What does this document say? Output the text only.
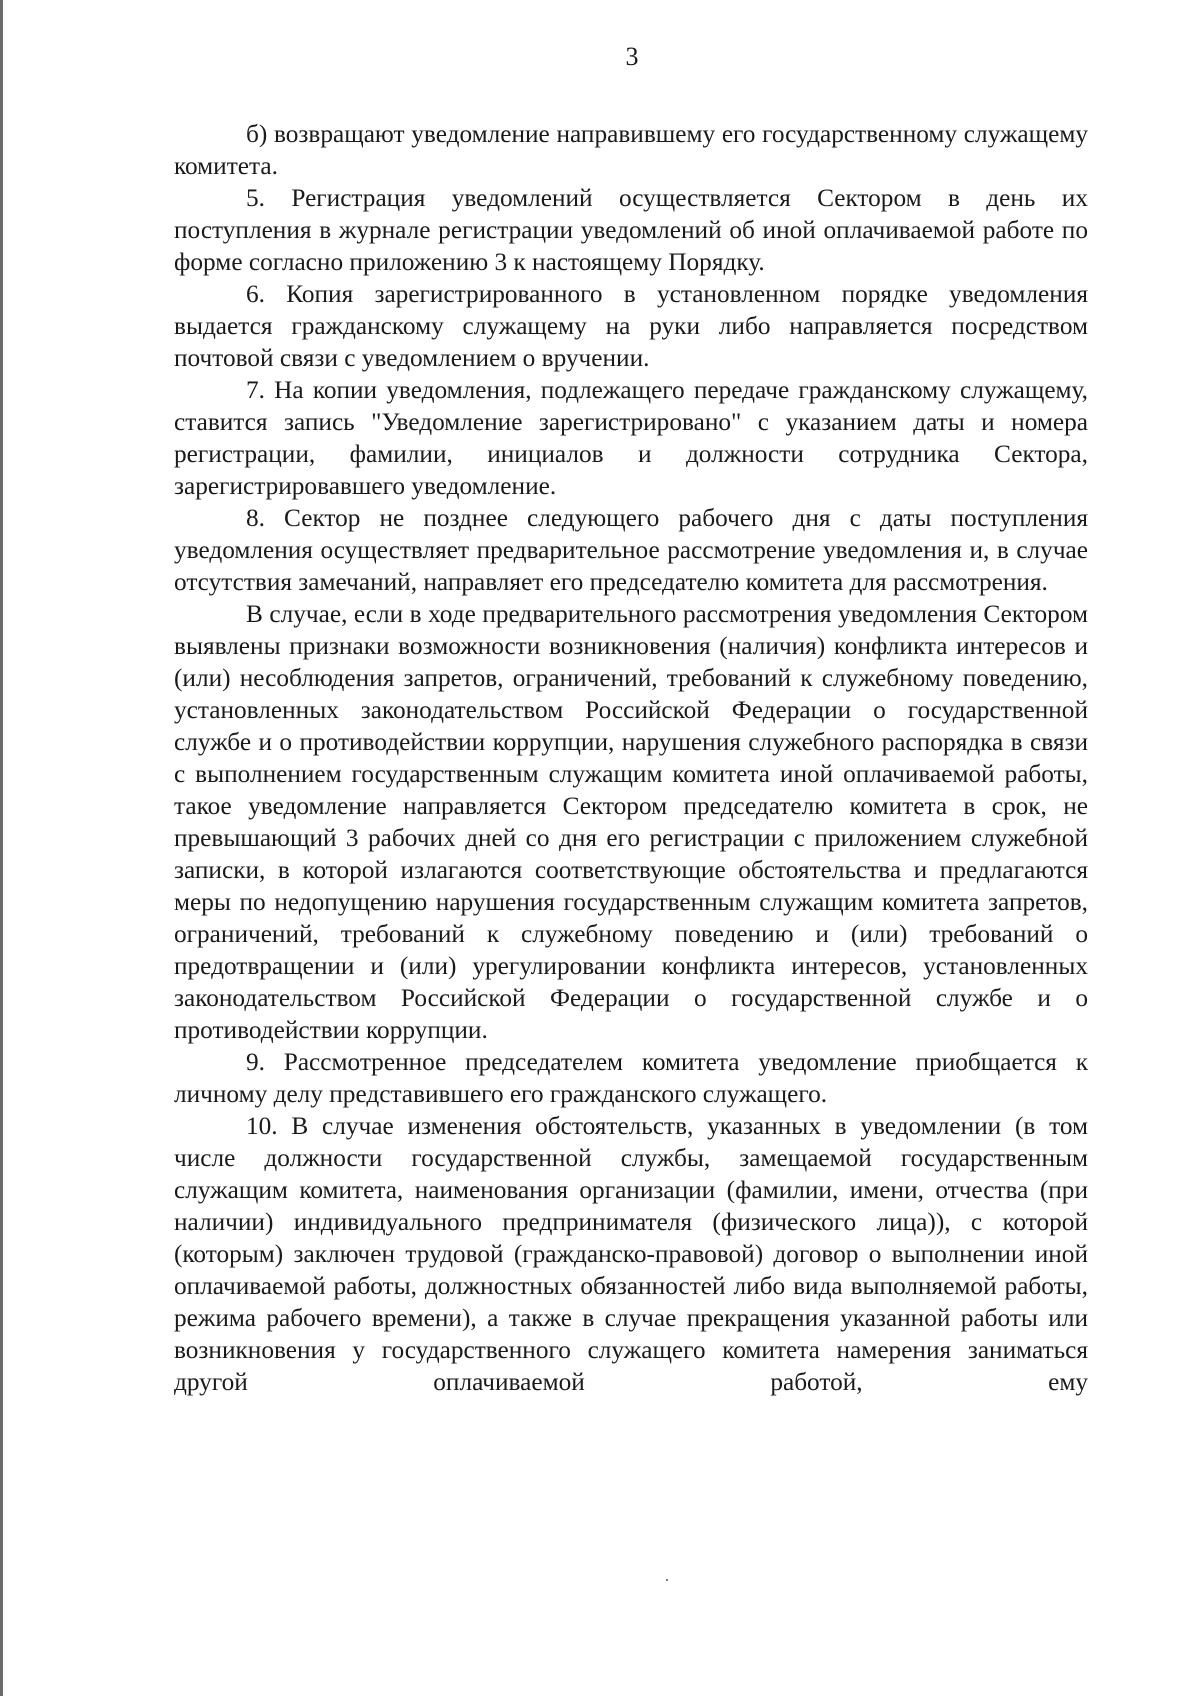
3

б) возвращают уведомление направившему его государственному служащему комитета.

5. Регистрация уведомлений осуществляется Сектором в день их поступления в журнале регистрации уведомлений об иной оплачиваемой работе по форме согласно приложению 3 к настоящему Порядку.

6. Копия зарегистрированного в установленном порядке уведомления выдается гражданскому служащему на руки либо направляется посредством почтовой связи с уведомлением о вручении.

7. На копии уведомления, подлежащего передаче гражданскому служащему, ставится запись "Уведомление зарегистрировано" с указанием даты и номера регистрации, фамилии, инициалов и должности сотрудника Сектора, зарегистрировавшего уведомление.

8. Сектор не позднее следующего рабочего дня с даты поступления уведомления осуществляет предварительное рассмотрение уведомления и, в случае отсутствия замечаний, направляет его председателю комитета для рассмотрения.

В случае, если в ходе предварительного рассмотрения уведомления Сектором выявлены признаки возможности возникновения (наличия) конфликта интересов и (или) несоблюдения запретов, ограничений, требований к служебному поведению, установленных законодательством Российской Федерации о государственной службе и о противодействии коррупции, нарушения служебного распорядка в связи с выполнением государственным служащим комитета иной оплачиваемой работы, такое уведомление направляется Сектором председателю комитета в срок, не превышающий 3 рабочих дней со дня его регистрации с приложением служебной записки, в которой излагаются соответствующие обстоятельства и предлагаются меры по недопущению нарушения государственным служащим комитета запретов, ограничений, требований к служебному поведению и (или) требований о предотвращении и (или) урегулировании конфликта интересов, установленных законодательством Российской Федерации о государственной службе и о противодействии коррупции.

9. Рассмотренное председателем комитета уведомление приобщается к личному делу представившего его гражданского служащего.

10. В случае изменения обстоятельств, указанных в уведомлении (в том числе должности государственной службы, замещаемой государственным служащим комитета, наименования организации (фамилии, имени, отчества (при наличии) индивидуального предпринимателя (физического лица)), с которой (которым) заключен трудовой (гражданско-правовой) договор о выполнении иной оплачиваемой работы, должностных обязанностей либо вида выполняемой работы, режима рабочего времени), а также в случае прекращения указанной работы или возникновения у государственного служащего комитета намерения заниматься другой оплачиваемой работой, ему
